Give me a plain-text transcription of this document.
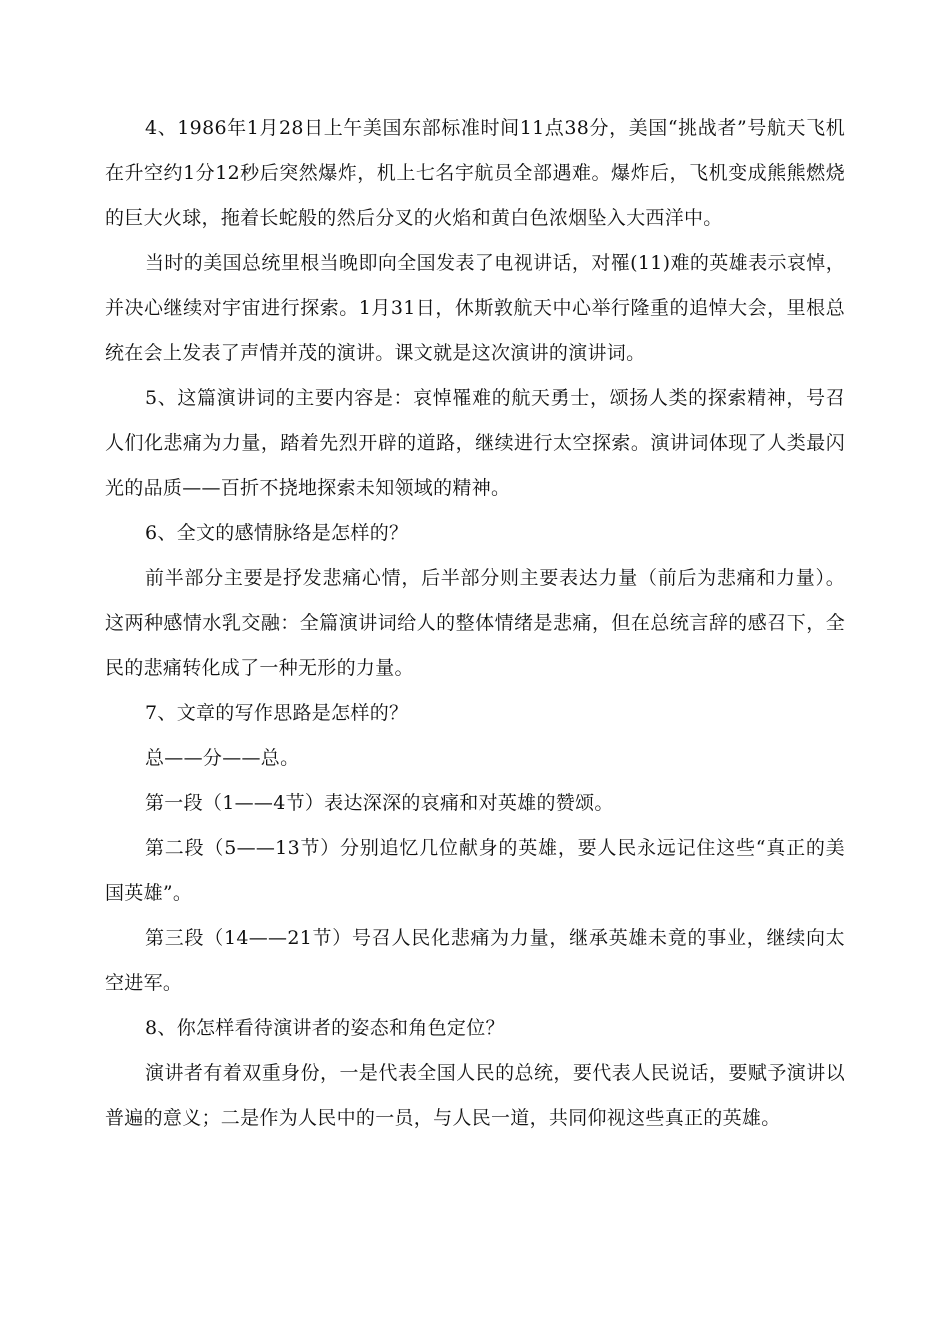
4、1986年1月28日上午美国东部标准时间11点38分，美国“挑战者”号航天飞机在升空约1分12秒后突然爆炸，机上七名宇航员全部遇难。爆炸后，飞机变成熊熊燃烧的巨大火球，拖着长蛇般的然后分叉的火焰和黄白色浓烟坠入大西洋中。

当时的美国总统里根当晚即向全国发表了电视讲话，对罹(11)难的英雄表示哀悼，并决心继续对宇宙进行探索。1月31日，休斯敦航天中心举行隆重的追悼大会，里根总统在会上发表了声情并茂的演讲。课文就是这次演讲的演讲词。

5、这篇演讲词的主要内容是：哀悼罹难的航天勇士，颂扬人类的探索精神，号召人们化悲痛为力量，踏着先烈开辟的道路，继续进行太空探索。演讲词体现了人类最闪光的品质——百折不挠地探索未知领域的精神。

6、全文的感情脉络是怎样的？

前半部分主要是抒发悲痛心情，后半部分则主要表达力量（前后为悲痛和力量）。这两种感情水乳交融：全篇演讲词给人的整体情绪是悲痛，但在总统言辞的感召下，全民的悲痛转化成了一种无形的力量。

7、文章的写作思路是怎样的？

总——分——总。

第一段（1——4节）表达深深的哀痛和对英雄的赞颂。

第二段（5——13节）分别追忆几位献身的英雄，要人民永远记住这些“真正的美国英雄”。

第三段（14——21节）号召人民化悲痛为力量，继承英雄未竟的事业，继续向太空进军。

8、你怎样看待演讲者的姿态和角色定位？

演讲者有着双重身份，一是代表全国人民的总统，要代表人民说话，要赋予演讲以普遍的意义；二是作为人民中的一员，与人民一道，共同仰视这些真正的英雄。
